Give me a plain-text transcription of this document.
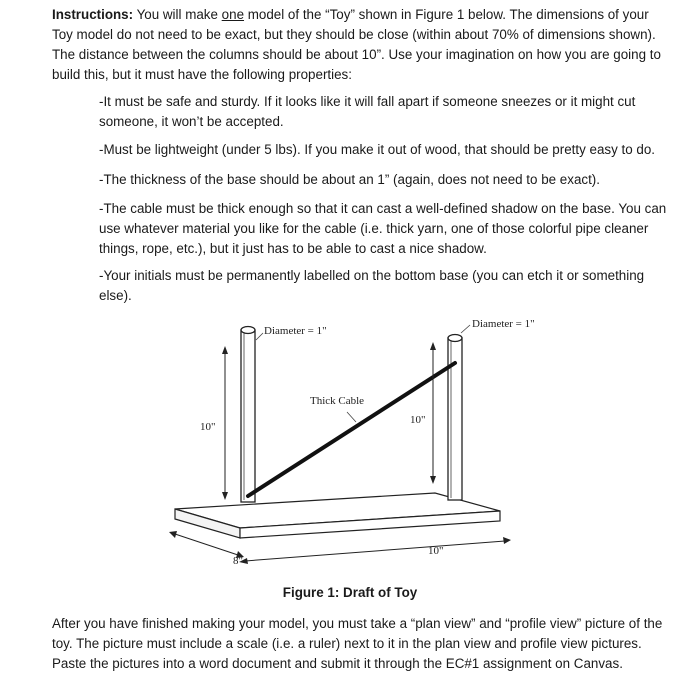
Instructions: You will make one model of the “Toy” shown in Figure 1 below. The dimensions of your Toy model do not need to be exact, but they should be close (within about 70% of dimensions shown). The distance between the columns should be about 10”. Use your imagination on how you are going to build this, but it must have the following properties:

-It must be safe and sturdy. If it looks like it will fall apart if someone sneezes or it might cut someone, it won’t be accepted.

-Must be lightweight (under 5 lbs). If you make it out of wood, that should be pretty easy to do.

-The thickness of the base should be about an 1” (again, does not need to be exact).

-The cable must be thick enough so that it can cast a well-defined shadow on the base. You can use whatever material you like for the cable (i.e. thick yarn, one of those colorful pipe cleaner things, rope, etc.), but it just has to be able to cast a nice shadow.

-Your initials must be permanently labelled on the bottom base (you can etch it or something else).

10"
10"
10"
8"
Diameter = 1"
Diameter = 1"
Thick Cable
Figure 1: Draft of Toy

After you have finished making your model, you must take a “plan view” and “profile view” picture of the toy. The picture must include a scale (i.e. a ruler) next to it in the plan view and profile view pictures. Paste the pictures into a word document and submit it through the EC#1 assignment on Canvas.
